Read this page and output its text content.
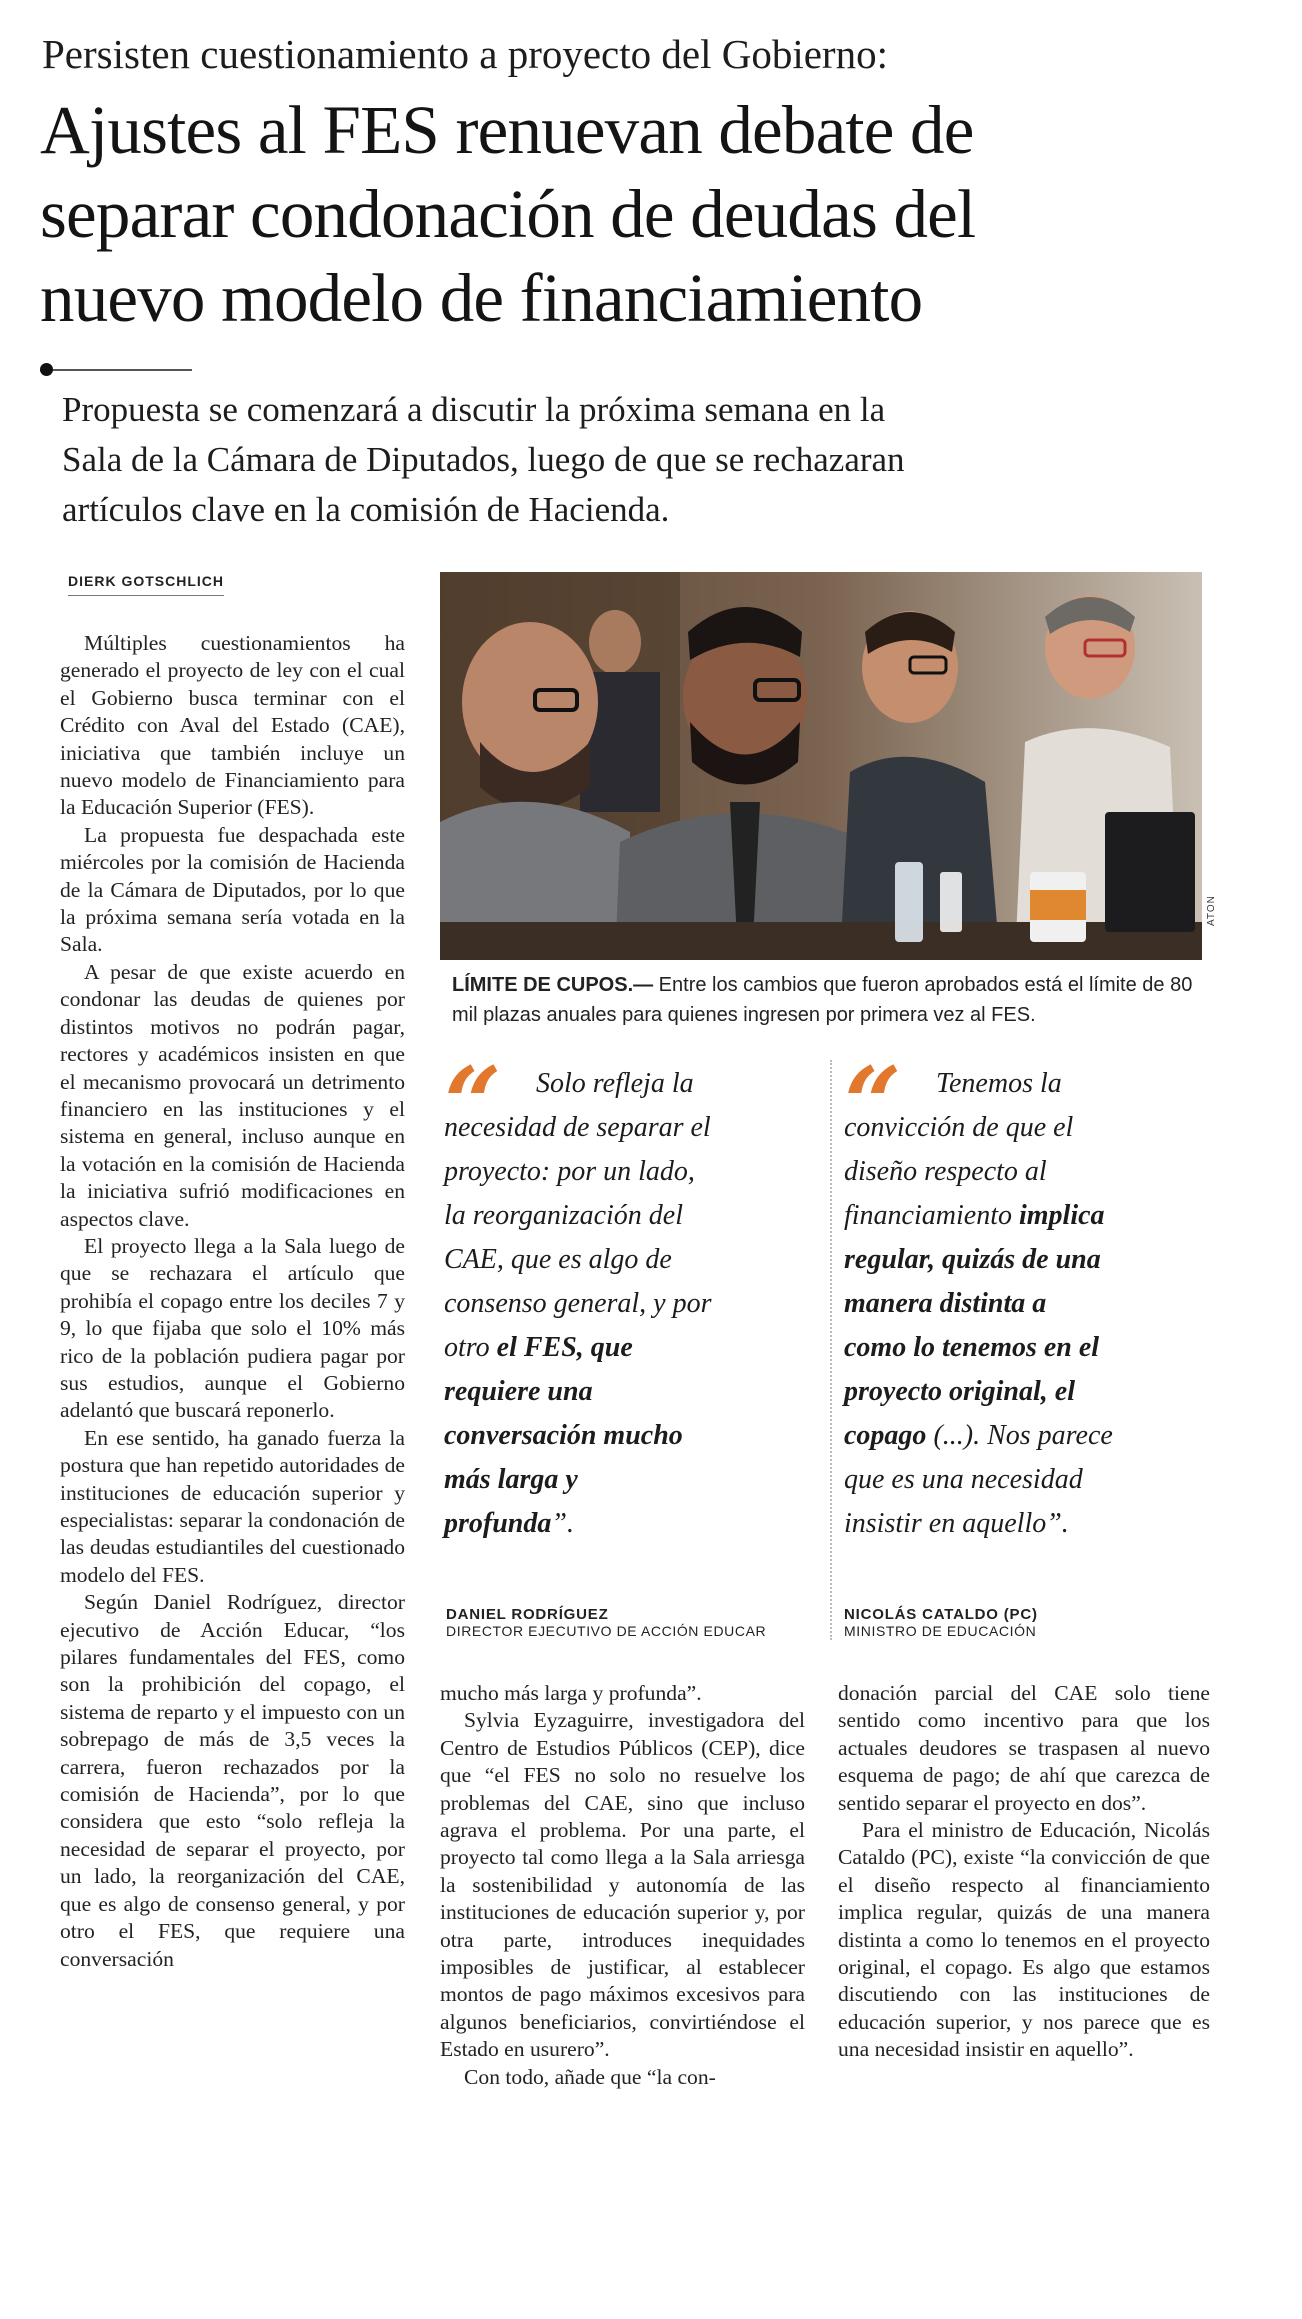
Persisten cuestionamiento a proyecto del Gobierno:
Ajustes al FES renuevan debate de
separar condonación de deudas del
nuevo modelo de financiamiento
Propuesta se comenzará a discutir la próxima semana en la
Sala de la Cámara de Diputados, luego de que se rechazaran
artículos clave en la comisión de Hacienda.
DIERK GOTSCHLICH

Múltiples cuestionamientos ha generado el proyecto de ley con el cual el Gobierno busca terminar con el Crédito con Aval del Estado (CAE), iniciativa que también incluye un nuevo modelo de Financiamiento para la Educación Superior (FES).

La propuesta fue despachada este miércoles por la comisión de Hacienda de la Cámara de Diputados, por lo que la próxima semana sería votada en la Sala.

A pesar de que existe acuerdo en condonar las deudas de quienes por distintos motivos no podrán pagar, rectores y académicos insisten en que el mecanismo provocará un detrimento financiero en las instituciones y el sistema en general, incluso aunque en la votación en la comisión de Hacienda la iniciativa sufrió modificaciones en aspectos clave.

El proyecto llega a la Sala luego de que se rechazara el artículo que prohibía el copago entre los deciles 7 y 9, lo que fijaba que solo el 10% más rico de la población pudiera pagar por sus estudios, aunque el Gobierno adelantó que buscará reponerlo.

En ese sentido, ha ganado fuerza la postura que han repetido autoridades de instituciones de educación superior y especialistas: separar la condonación de las deudas estudiantiles del cuestionado modelo del FES.

Según Daniel Rodríguez, director ejecutivo de Acción Educar, “los pilares fundamentales del FES, como son la prohibición del copago, el sistema de reparto y el impuesto con un sobrepago de más de 3,5 veces la carrera, fueron rechazados por la comisión de Hacienda”, por lo que considera que esto “solo refleja la necesidad de separar el proyecto, por un lado, la reorganización del CAE, que es algo de consenso general, y por otro el FES, que requiere una conversación

ATON
LÍMITE DE CUPOS.— Entre los cambios que fueron aprobados está el límite de 80 mil plazas anuales para quienes ingresen por primera vez al FES.
“	Solo refleja la
necesidad de separar el
proyecto: por un lado,
la reorganización del
CAE, que es algo de
consenso general, y por
otro el FES, que
requiere una
conversación mucho
más larga y
profunda”.
DANIEL RODRÍGUEZ
DIRECTOR EJECUTIVO DE ACCIÓN EDUCAR
“	Tenemos la
convicción de que el
diseño respecto al
financiamiento implica
regular, quizás de una
manera distinta a
como lo tenemos en el
proyecto original, el
copago (...). Nos parece
que es una necesidad
insistir en aquello”.
NICOLÁS CATALDO (PC)
MINISTRO DE EDUCACIÓN

mucho más larga y profunda”.

Sylvia Eyzaguirre, investigadora del Centro de Estudios Públicos (CEP), dice que “el FES no solo no resuelve los problemas del CAE, sino que incluso agrava el problema. Por una parte, el proyecto tal como llega a la Sala arriesga la sostenibilidad y autonomía de las instituciones de educación superior y, por otra parte, introduces inequidades imposibles de justificar, al establecer montos de pago máximos excesivos para algunos beneficiarios, convirtiéndose el Estado en usurero”.

Con todo, añade que “la con-

donación parcial del CAE solo tiene sentido como incentivo para que los actuales deudores se traspasen al nuevo esquema de pago; de ahí que carezca de sentido separar el proyecto en dos”.

Para el ministro de Educación, Nicolás Cataldo (PC), existe “la convicción de que el diseño respecto al financiamiento implica regular, quizás de una manera distinta a como lo tenemos en el proyecto original, el copago. Es algo que estamos discutiendo con las instituciones de educación superior, y nos parece que es una necesidad insistir en aquello”.
